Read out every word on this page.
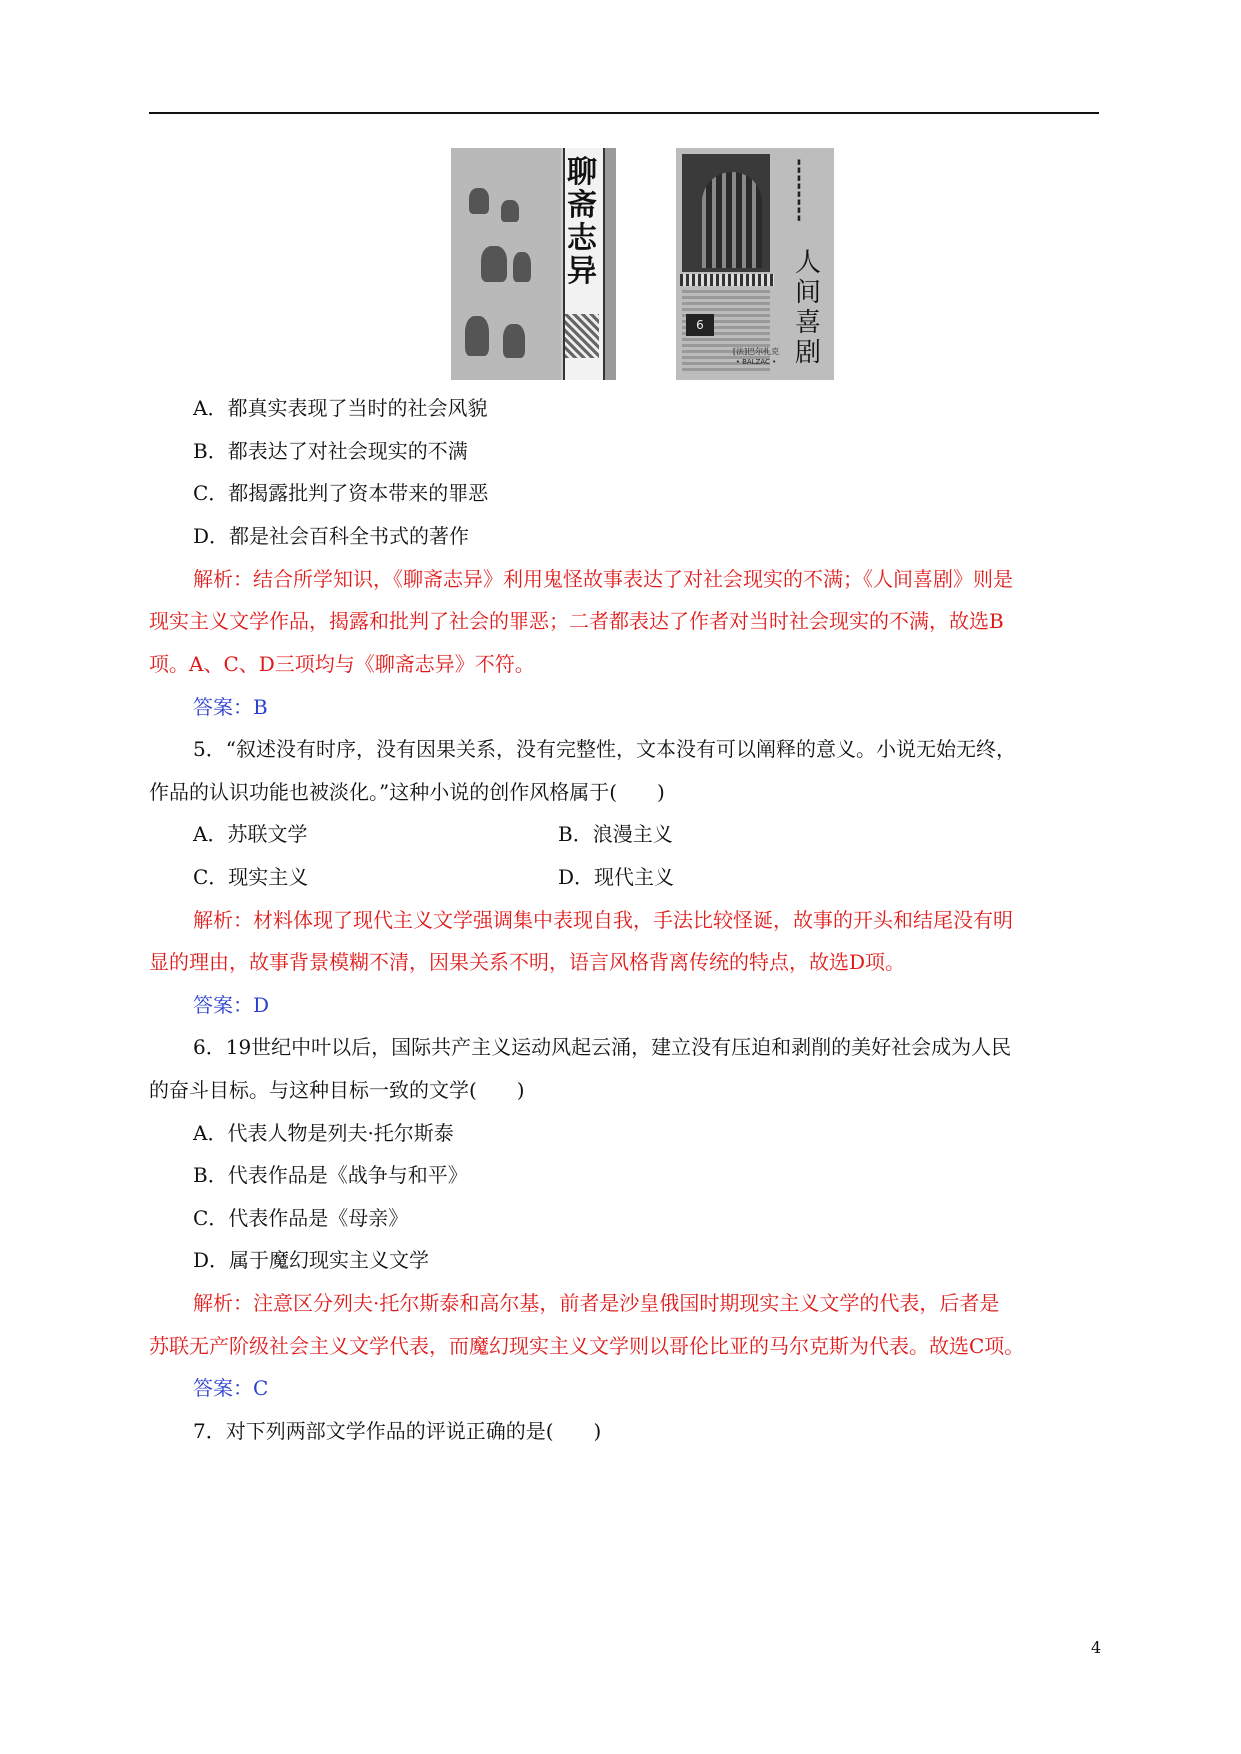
聊斋志异
6
▮
▮
▮
▮
▮
▮
▮
▮
人间喜剧
[法]巴尔扎克
• BALZAC •
A．都真实表现了当时的社会风貌
B．都表达了对社会现实的不满
C．都揭露批判了资本带来的罪恶
D．都是社会百科全书式的著作
解析：结合所学知识，《聊斋志异》利用鬼怪故事表达了对社会现实的不满；《人间喜剧》则是
现实主义文学作品，揭露和批判了社会的罪恶；二者都表达了作者对当时社会现实的不满，故选B
项。A、C、D三项均与《聊斋志异》不符。
答案：B
5．“叙述没有时序，没有因果关系，没有完整性，文本没有可以阐释的意义。小说无始无终，
作品的认识功能也被淡化。”这种小说的创作风格属于(　　)
A．苏联文学	B．浪漫主义
C．现实主义	D．现代主义
解析：材料体现了现代主义文学强调集中表现自我，手法比较怪诞，故事的开头和结尾没有明
显的理由，故事背景模糊不清，因果关系不明，语言风格背离传统的特点，故选D项。
答案：D
6．19世纪中叶以后，国际共产主义运动风起云涌，建立没有压迫和剥削的美好社会成为人民
的奋斗目标。与这种目标一致的文学(　　)
A．代表人物是列夫·托尔斯泰
B．代表作品是《战争与和平》
C．代表作品是《母亲》
D．属于魔幻现实主义文学
解析：注意区分列夫·托尔斯泰和高尔基，前者是沙皇俄国时期现实主义文学的代表，后者是
苏联无产阶级社会主义文学代表，而魔幻现实主义文学则以哥伦比亚的马尔克斯为代表。故选C项。
答案：C
7．对下列两部文学作品的评说正确的是(　　)
4
